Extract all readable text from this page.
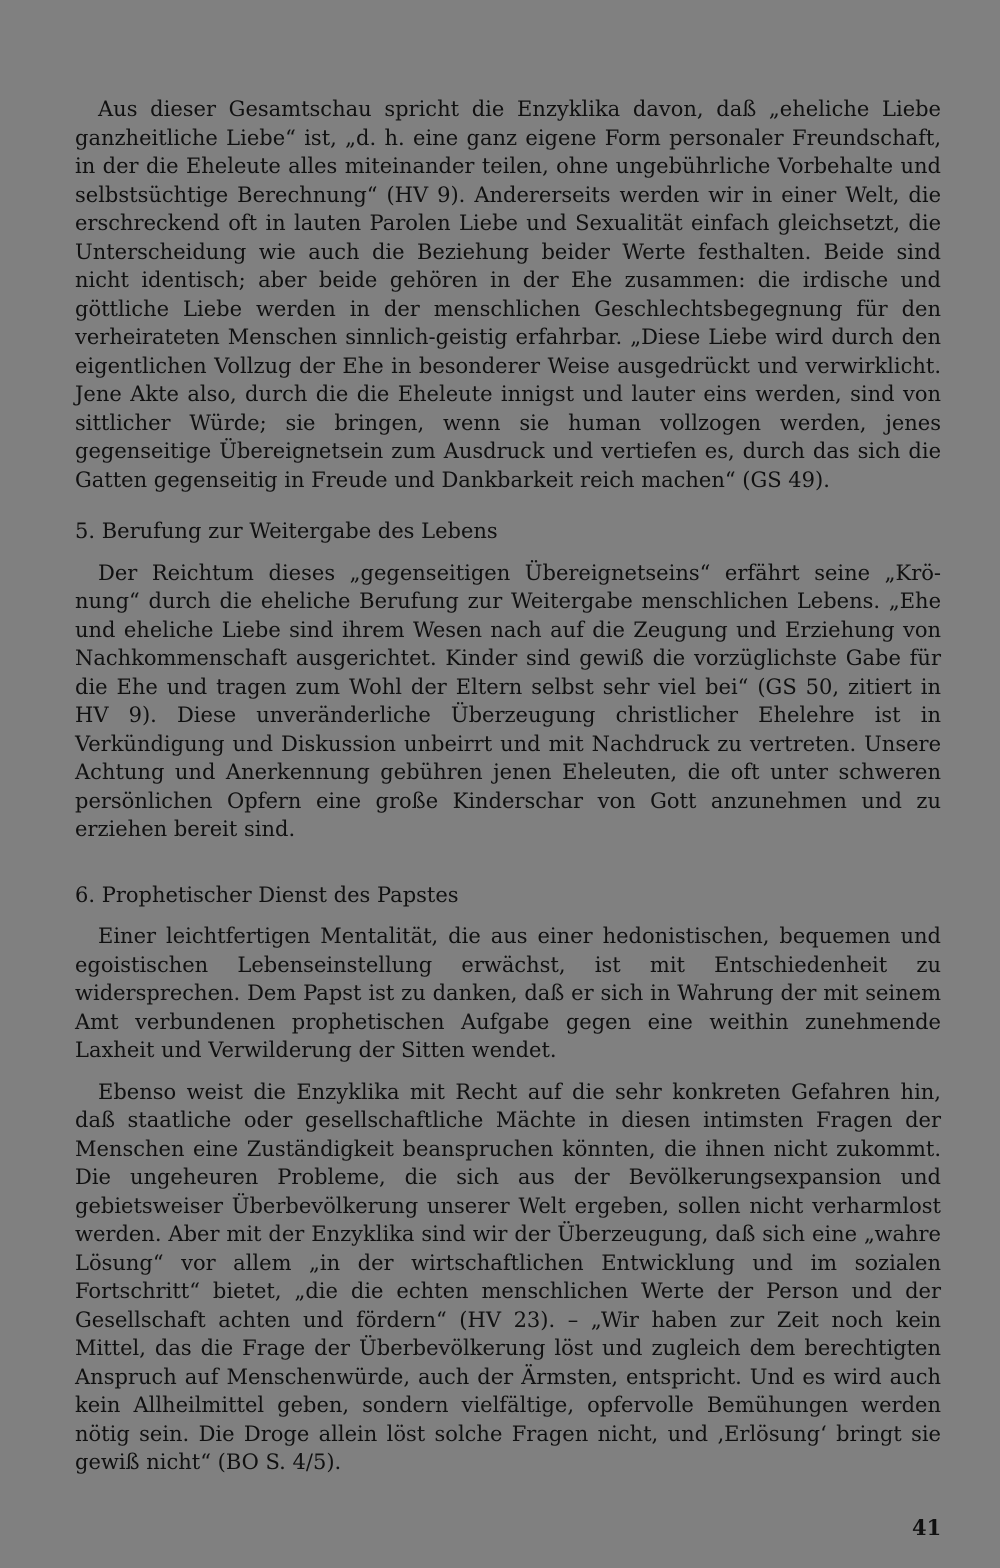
Aus dieser Gesamtschau spricht die Enzyklika davon, daß „eheliche Liebe ganzheitliche Liebe“ ist, „d. h. eine ganz eigene Form personaler Freundschaft, in der die Eheleute alles miteinander teilen, ohne ungebührliche Vorbehalte und selbstsüchtige Berechnung“ (HV 9). Andererseits werden wir in einer Welt, die erschreckend oft in lauten Parolen Liebe und Sexualität einfach gleichsetzt, die Unterscheidung wie auch die Beziehung beider Werte festhalten. Beide sind nicht identisch; aber beide gehören in der Ehe zusammen: die irdische und göttliche Liebe werden in der menschlichen Geschlechtsbegegnung für den verheirateten Menschen sinnlich-geistig erfahrbar. „Diese Liebe wird durch den eigentlichen Vollzug der Ehe in besonderer Weise ausgedrückt und verwirklicht. Jene Akte also, durch die die Eheleute innigst und lauter eins werden, sind von sittlicher Würde; sie bringen, wenn sie human vollzogen werden, jenes gegenseitige Übereignetsein zum Ausdruck und vertiefen es, durch das sich die Gatten gegenseitig in Freude und Dankbarkeit reich machen“ (GS 49).

5. Berufung zur Weitergabe des Lebens

Der Reichtum dieses „gegenseitigen Übereignetseins“ erfährt seine „Krönung“ durch die eheliche Berufung zur Weitergabe menschlichen Lebens. „Ehe und eheliche Liebe sind ihrem Wesen nach auf die Zeugung und Erziehung von Nachkommenschaft ausgerichtet. Kinder sind gewiß die vorzüglichste Gabe für die Ehe und tragen zum Wohl der Eltern selbst sehr viel bei“ (GS 50, zitiert in HV 9). Diese unveränderliche Überzeugung christlicher Ehelehre ist in Verkündigung und Diskussion unbeirrt und mit Nachdruck zu vertreten. Unsere Achtung und Anerkennung gebühren jenen Eheleuten, die oft unter schweren persönlichen Opfern eine große Kinderschar von Gott anzunehmen und zu erziehen bereit sind.

6. Prophetischer Dienst des Papstes

Einer leichtfertigen Mentalität, die aus einer hedonistischen, bequemen und egoistischen Lebenseinstellung erwächst, ist mit Entschiedenheit zu widersprechen. Dem Papst ist zu danken, daß er sich in Wahrung der mit seinem Amt verbundenen prophetischen Aufgabe gegen eine weithin zunehmende Laxheit und Verwilderung der Sitten wendet.

Ebenso weist die Enzyklika mit Recht auf die sehr konkreten Gefahren hin, daß staatliche oder gesellschaftliche Mächte in diesen intimsten Fragen der Menschen eine Zuständigkeit beanspruchen könnten, die ihnen nicht zukommt. Die ungeheuren Probleme, die sich aus der Bevölkerungsexpansion und gebietsweiser Überbevölkerung unserer Welt ergeben, sollen nicht verharmlost werden. Aber mit der Enzyklika sind wir der Überzeugung, daß sich eine „wahre Lösung“ vor allem „in der wirtschaftlichen Entwicklung und im sozialen Fortschritt“ bietet, „die die echten menschlichen Werte der Person und der Gesellschaft achten und fördern“ (HV 23). – „Wir haben zur Zeit noch kein Mittel, das die Frage der Überbevölkerung löst und zugleich dem berechtigten Anspruch auf Menschenwürde, auch der Ärmsten, entspricht. Und es wird auch kein Allheilmittel geben, sondern vielfältige, opfervolle Bemühungen werden nötig sein. Die Droge allein löst solche Fragen nicht, und ‚Erlösung‘ bringt sie gewiß nicht“ (BO S. 4/5).

41
